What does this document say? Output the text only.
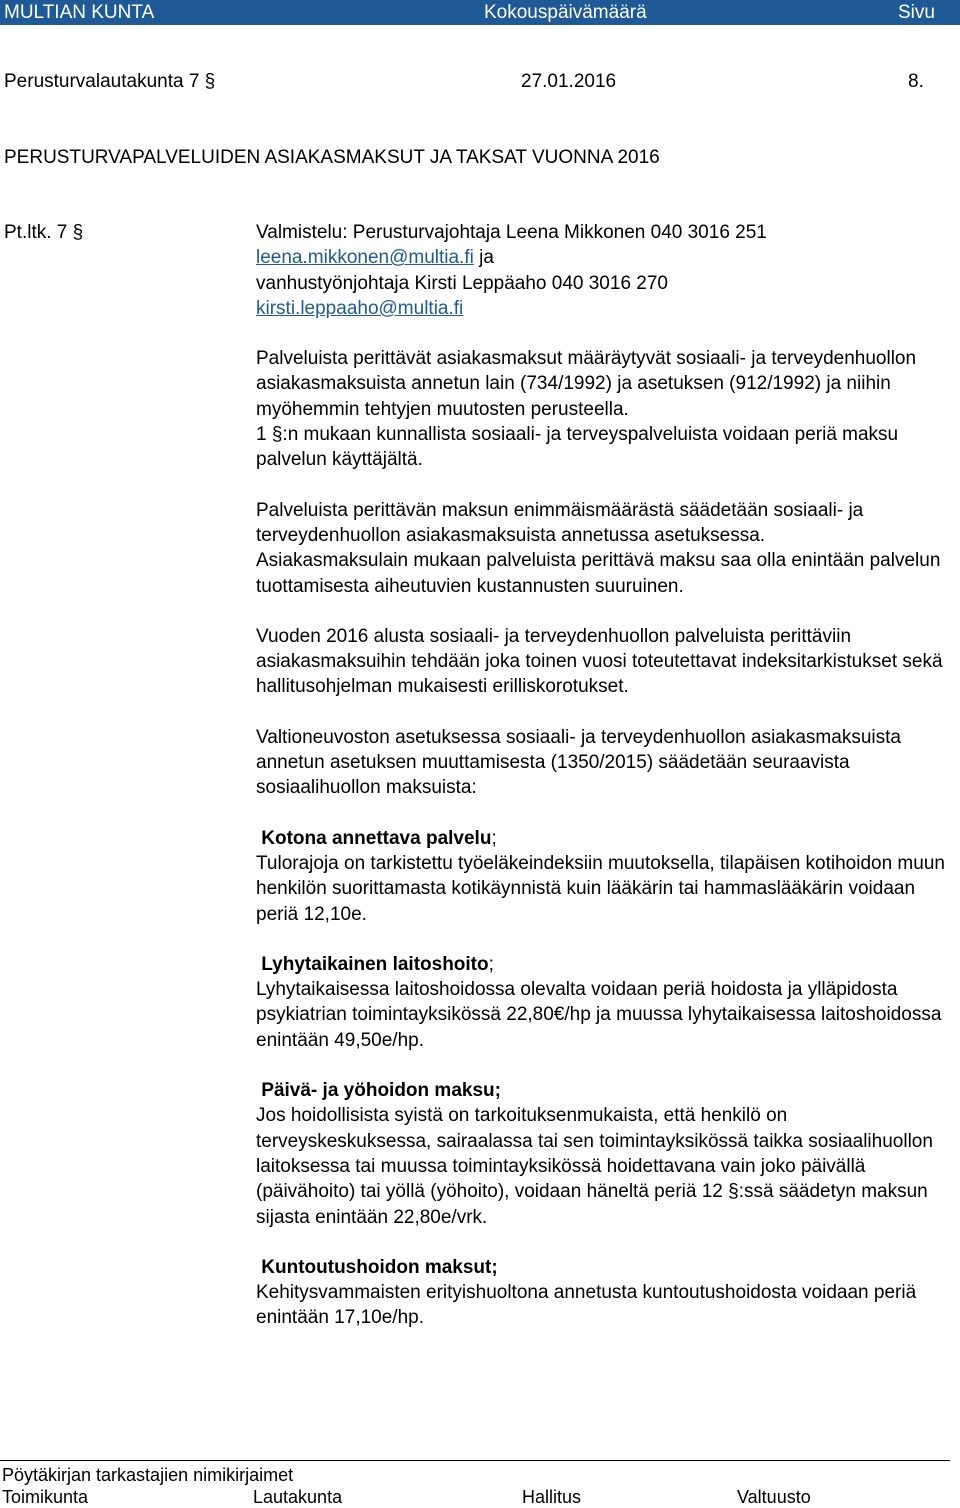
MULTIAN KUNTA	Kokouspäivämäärä	Sivu
Perusturvalautakunta 7 §	27.01.2016	8.
PERUSTURVAPALVELUIDEN ASIAKASMAKSUT JA TAKSAT VUONNA 2016
Pt.ltk. 7 §	Valmistelu: Perusturvajohtaja Leena Mikkonen 040 3016 251

leena.mikkonen@multia.fi ja

vanhustyönjohtaja Kirsti Leppäaho 040 3016 270

kirsti.leppaaho@multia.fi

Palveluista perittävät asiakasmaksut määräytyvät sosiaali- ja terveydenhuollon asiakasmaksuista annetun lain (734/1992) ja asetuksen (912/1992) ja niihin myöhemmin tehtyjen muutosten perusteella.

1 §:n mukaan kunnallista sosiaali- ja terveyspalveluista voidaan periä maksu palvelun käyttäjältä.

Palveluista perittävän maksun enimmäismäärästä säädetään sosiaali- ja terveydenhuollon asiakasmaksuista annetussa asetuksessa.

Asiakasmaksulain mukaan palveluista perittävä maksu saa olla enintään palvelun tuottamisesta aiheutuvien kustannusten suuruinen.

Vuoden 2016 alusta sosiaali- ja terveydenhuollon palveluista perittäviin asiakasmaksuihin tehdään joka toinen vuosi toteutettavat indeksitarkistukset sekä hallitusohjelman mukaisesti erilliskorotukset.

Valtioneuvoston asetuksessa sosiaali- ja terveydenhuollon asiakasmaksuista annetun asetuksen muuttamisesta (1350/2015) säädetään seuraavista sosiaalihuollon maksuista:

Kotona annettava palvelu;

Tulorajoja on tarkistettu työeläkeindeksiin muutoksella, tilapäisen kotihoidon muun henkilön suorittamasta kotikäynnistä kuin lääkärin tai hammaslääkärin voidaan periä 12,10e.

Lyhytaikainen laitoshoito;

Lyhytaikaisessa laitoshoidossa olevalta voidaan periä hoidosta ja ylläpidosta psykiatrian toimintayksikössä 22,80€/hp ja muussa lyhytaikaisessa laitoshoidossa enintään 49,50e/hp.

Päivä- ja yöhoidon maksu;

Jos hoidollisista syistä on tarkoituksenmukaista, että henkilö on terveyskeskuksessa, sairaalassa tai sen toimintayksikössä taikka sosiaalihuollon laitoksessa tai muussa toimintayksikössä hoidettavana vain joko päivällä (päivähoito) tai yöllä (yöhoito), voidaan häneltä periä 12 §:ssä säädetyn maksun sijasta enintään 22,80e/vrk.

Kuntoutushoidon maksut;

Kehitysvammaisten erityishuoltona annetusta kuntoutushoidosta voidaan periä enintään 17,10e/hp.

Pöytäkirjan tarkastajien nimikirjaimet
Toimikunta	Lautakunta	Hallitus	Valtuusto
